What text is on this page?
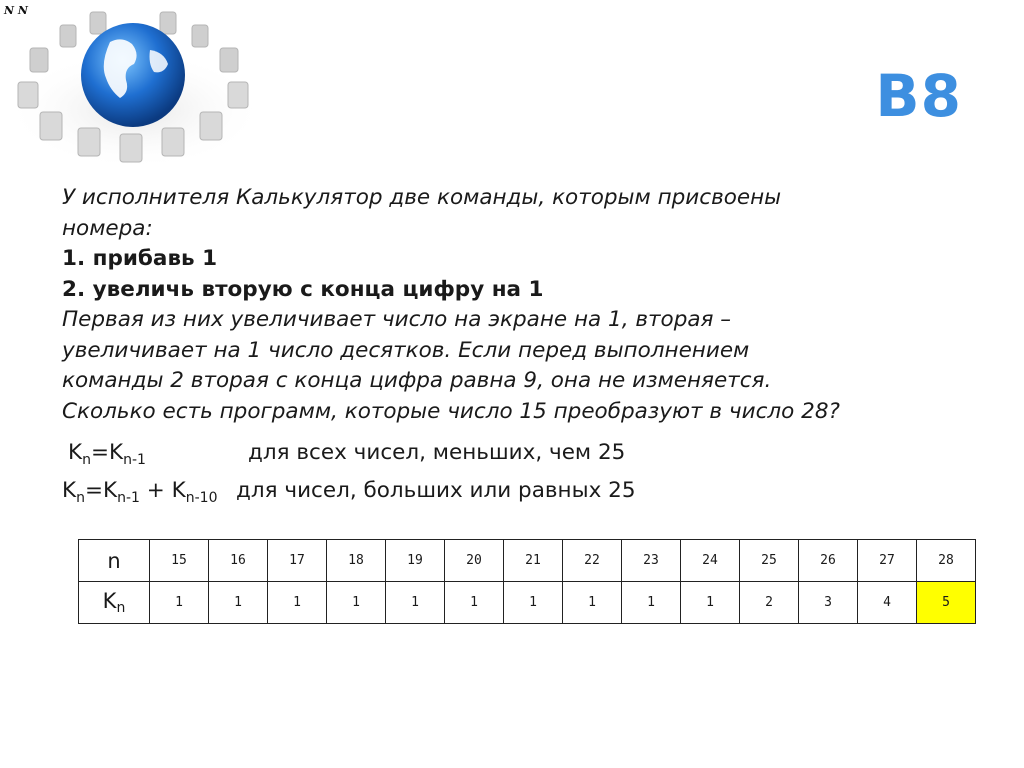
N N
B8

У исполнителя Калькулятор две команды, которым присвоены

номера:

1. прибавь 1

2. увеличь вторую с конца цифру на 1

Первая из них увеличивает число на экране на 1, вторая –

увеличивает на 1 число десятков. Если перед выполнением

команды 2 вторая с конца цифра равна 9, она не изменяется.

Сколько есть программ, которые число 15 преобразуют в число 28?

$K_n=K_{n-1}$	для всех чисел, меньших, чем 25
$K_n=K_{n-1} + K_{n-10}$ для чисел, больших или равных 25
n	15	16	17	18	19	20	21	22	23	24	25	26	27	28
$K_n$	1	1	1	1	1	1	1	1	1	1	2	3	4	5
